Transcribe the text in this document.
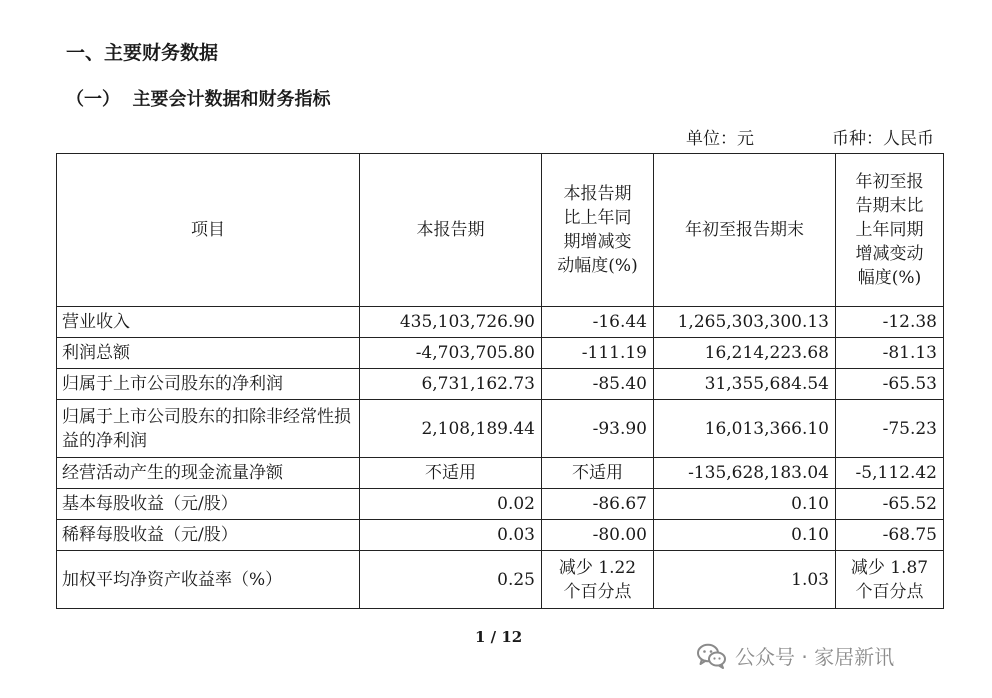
一、主要财务数据
（一）  主要会计数据和财务指标
单位：元	币种：人民币
项目	本报告期	本报告期比上年同期增减变动幅度(%)	年初至报告期末	年初至报告期末比上年同期增减变动幅度(%)

营业收入	435,103,726.90	-16.44	1,265,303,300.13	-12.38
利润总额	-4,703,705.80	-111.19	16,214,223.68	-81.13
归属于上市公司股东的净利润	6,731,162.73	-85.40	31,355,684.54	-65.53

归属于上市公司股东的扣除非经常性损益的净利润	2,108,189.44	-93.90	16,013,366.10	-75.23
经营活动产生的现金流量净额	不适用	不适用	-135,628,183.04	-5,112.42
基本每股收益（元/股）	0.02	-86.67	0.10	-65.52
稀释每股收益（元/股）	0.03	-80.00	0.10	-68.75
加权平均净资产收益率（%）	0.25	减少 1.22 个百分点	1.03	减少 1.87 个百分点
1 / 12
公众号 · 家居新讯
